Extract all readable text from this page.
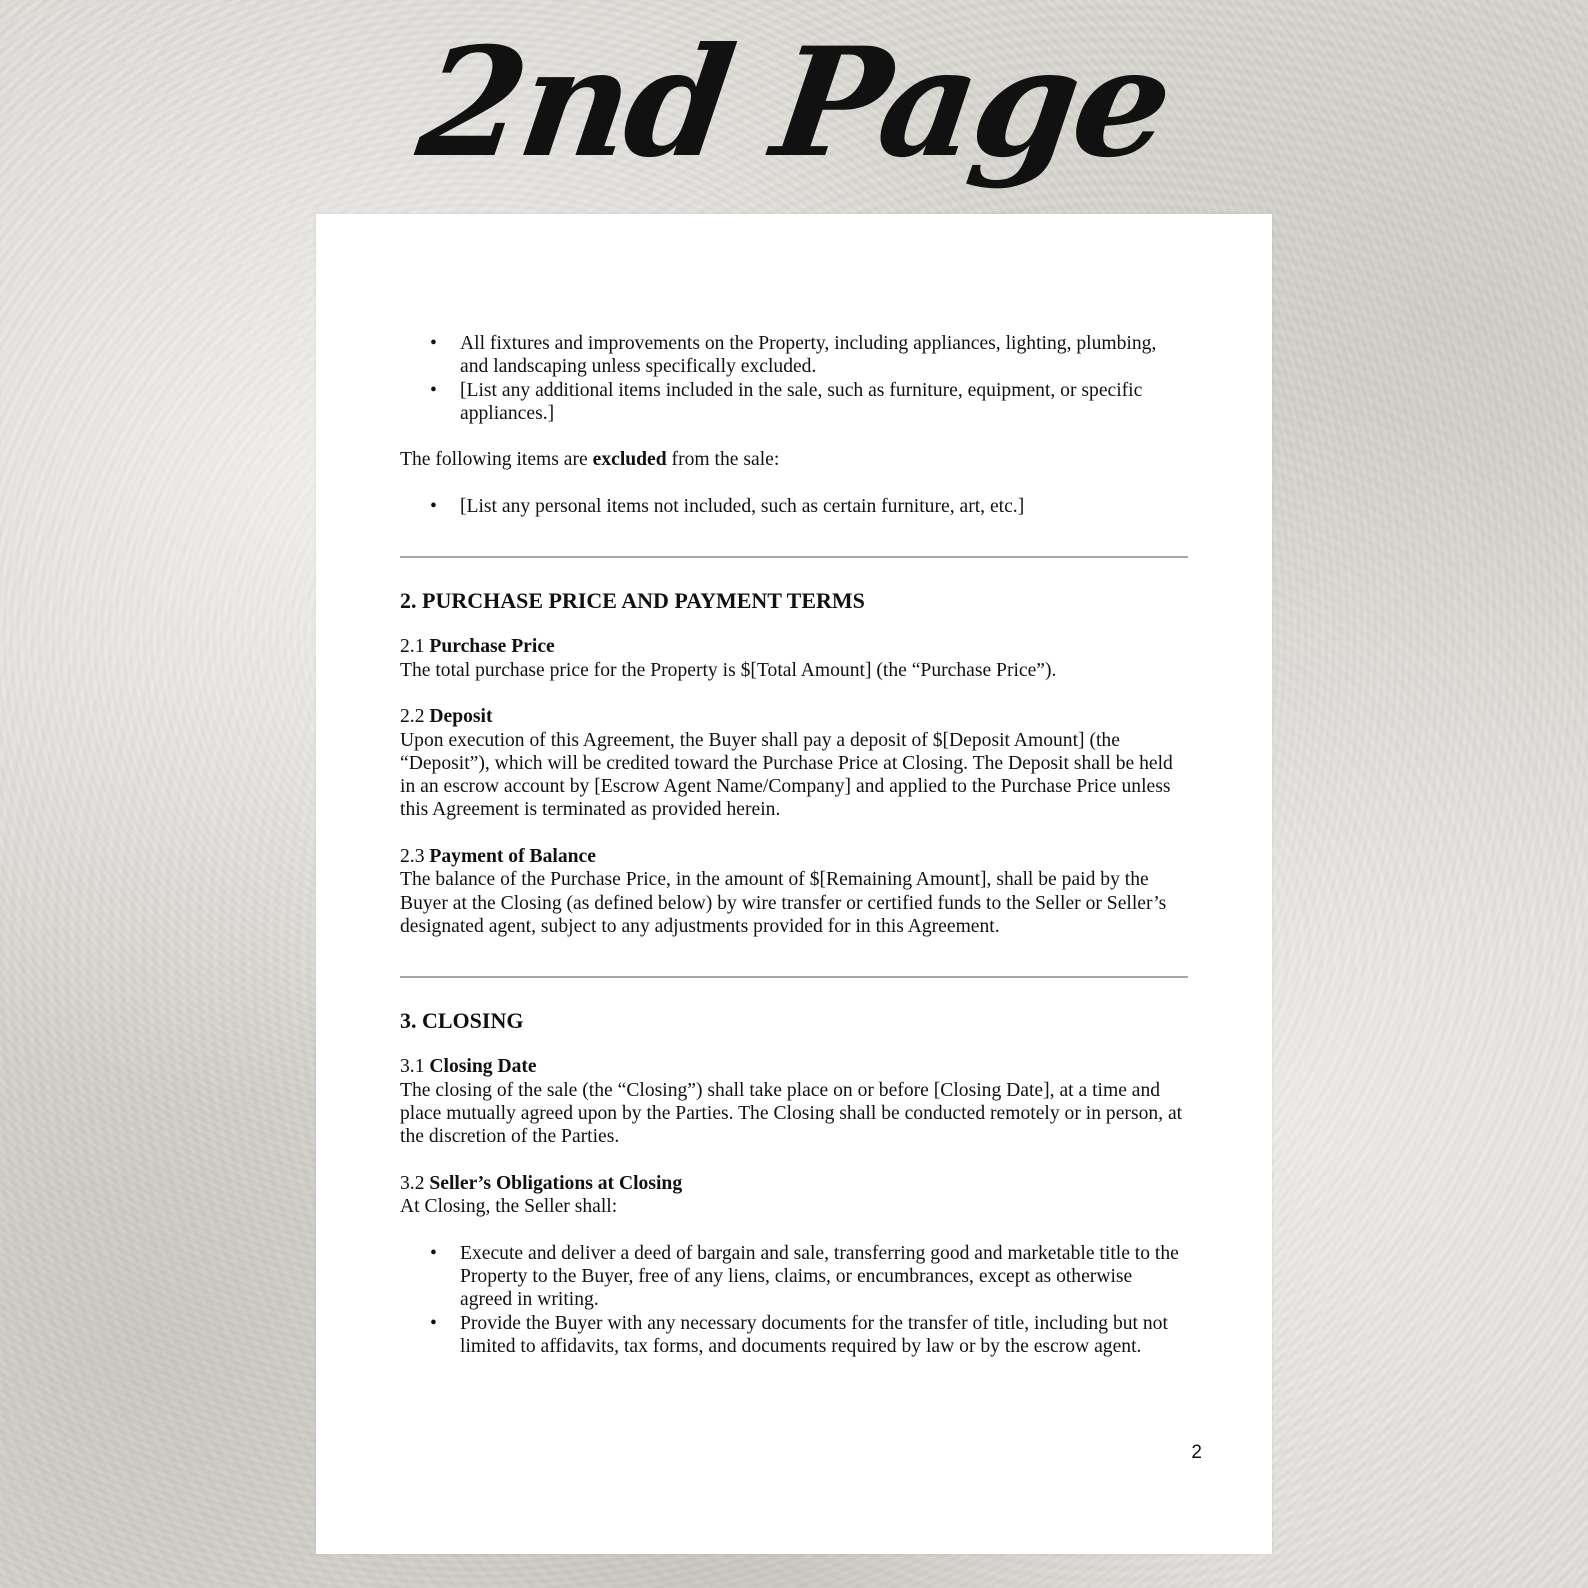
2nd Page
• All fixtures and improvements on the Property, including appliances, lighting, plumbing, and landscaping unless specifically excluded.
• [List any additional items included in the sale, such as furniture, equipment, or specific appliances.]

The following items are excluded from the sale:

• [List any personal items not included, such as certain furniture, art, etc.]
2. PURCHASE PRICE AND PAYMENT TERMS

2.1 Purchase Price

The total purchase price for the Property is $[Total Amount] (the “Purchase Price”).

2.2 Deposit

Upon execution of this Agreement, the Buyer shall pay a deposit of $[Deposit Amount] (the “Deposit”), which will be credited toward the Purchase Price at Closing. The Deposit shall be held in an escrow account by [Escrow Agent Name/Company] and applied to the Purchase Price unless this Agreement is terminated as provided herein.

2.3 Payment of Balance

The balance of the Purchase Price, in the amount of $[Remaining Amount], shall be paid by the Buyer at the Closing (as defined below) by wire transfer or certified funds to the Seller or Seller’s designated agent, subject to any adjustments provided for in this Agreement.

3. CLOSING

3.1 Closing Date

The closing of the sale (the “Closing”) shall take place on or before [Closing Date], at a time and place mutually agreed upon by the Parties. The Closing shall be conducted remotely or in person, at the discretion of the Parties.

3.2 Seller’s Obligations at Closing

At Closing, the Seller shall:

• Execute and deliver a deed of bargain and sale, transferring good and marketable title to the Property to the Buyer, free of any liens, claims, or encumbrances, except as otherwise agreed in writing.
• Provide the Buyer with any necessary documents for the transfer of title, including but not limited to affidavits, tax forms, and documents required by law or by the escrow agent.
2
